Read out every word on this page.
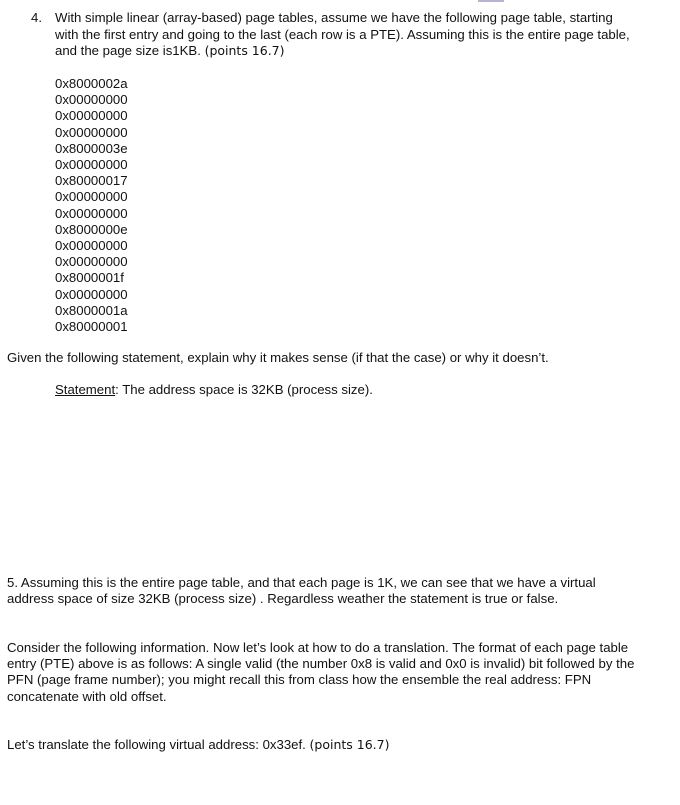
4. With simple linear (array-based) page tables, assume we have the following page table, starting with the first entry and going to the last (each row is a PTE). Assuming this is the entire page table, and the page size is1KB. (points 16.7)
0x8000002a
0x00000000
0x00000000
0x00000000
0x8000003e
0x00000000
0x80000017
0x00000000
0x00000000
0x8000000e
0x00000000
0x00000000
0x8000001f
0x00000000
0x8000001a
0x80000001
Given the following statement, explain why it makes sense (if that the case) or why it doesn’t.
Statement: The address space is 32KB (process size).
5. Assuming this is the entire page table, and that each page is 1K, we can see that we have a virtual address space of size 32KB (process size) . Regardless weather the statement is true or false.
Consider the following information. Now let’s look at how to do a translation. The format of each page table entry (PTE) above is as follows: A single valid (the number 0x8 is valid and 0x0 is invalid) bit followed by the PFN (page frame number); you might recall this from class how the ensemble the real address: FPN concatenate with old offset.
Let’s translate the following virtual address: 0x33ef. (points 16.7)
